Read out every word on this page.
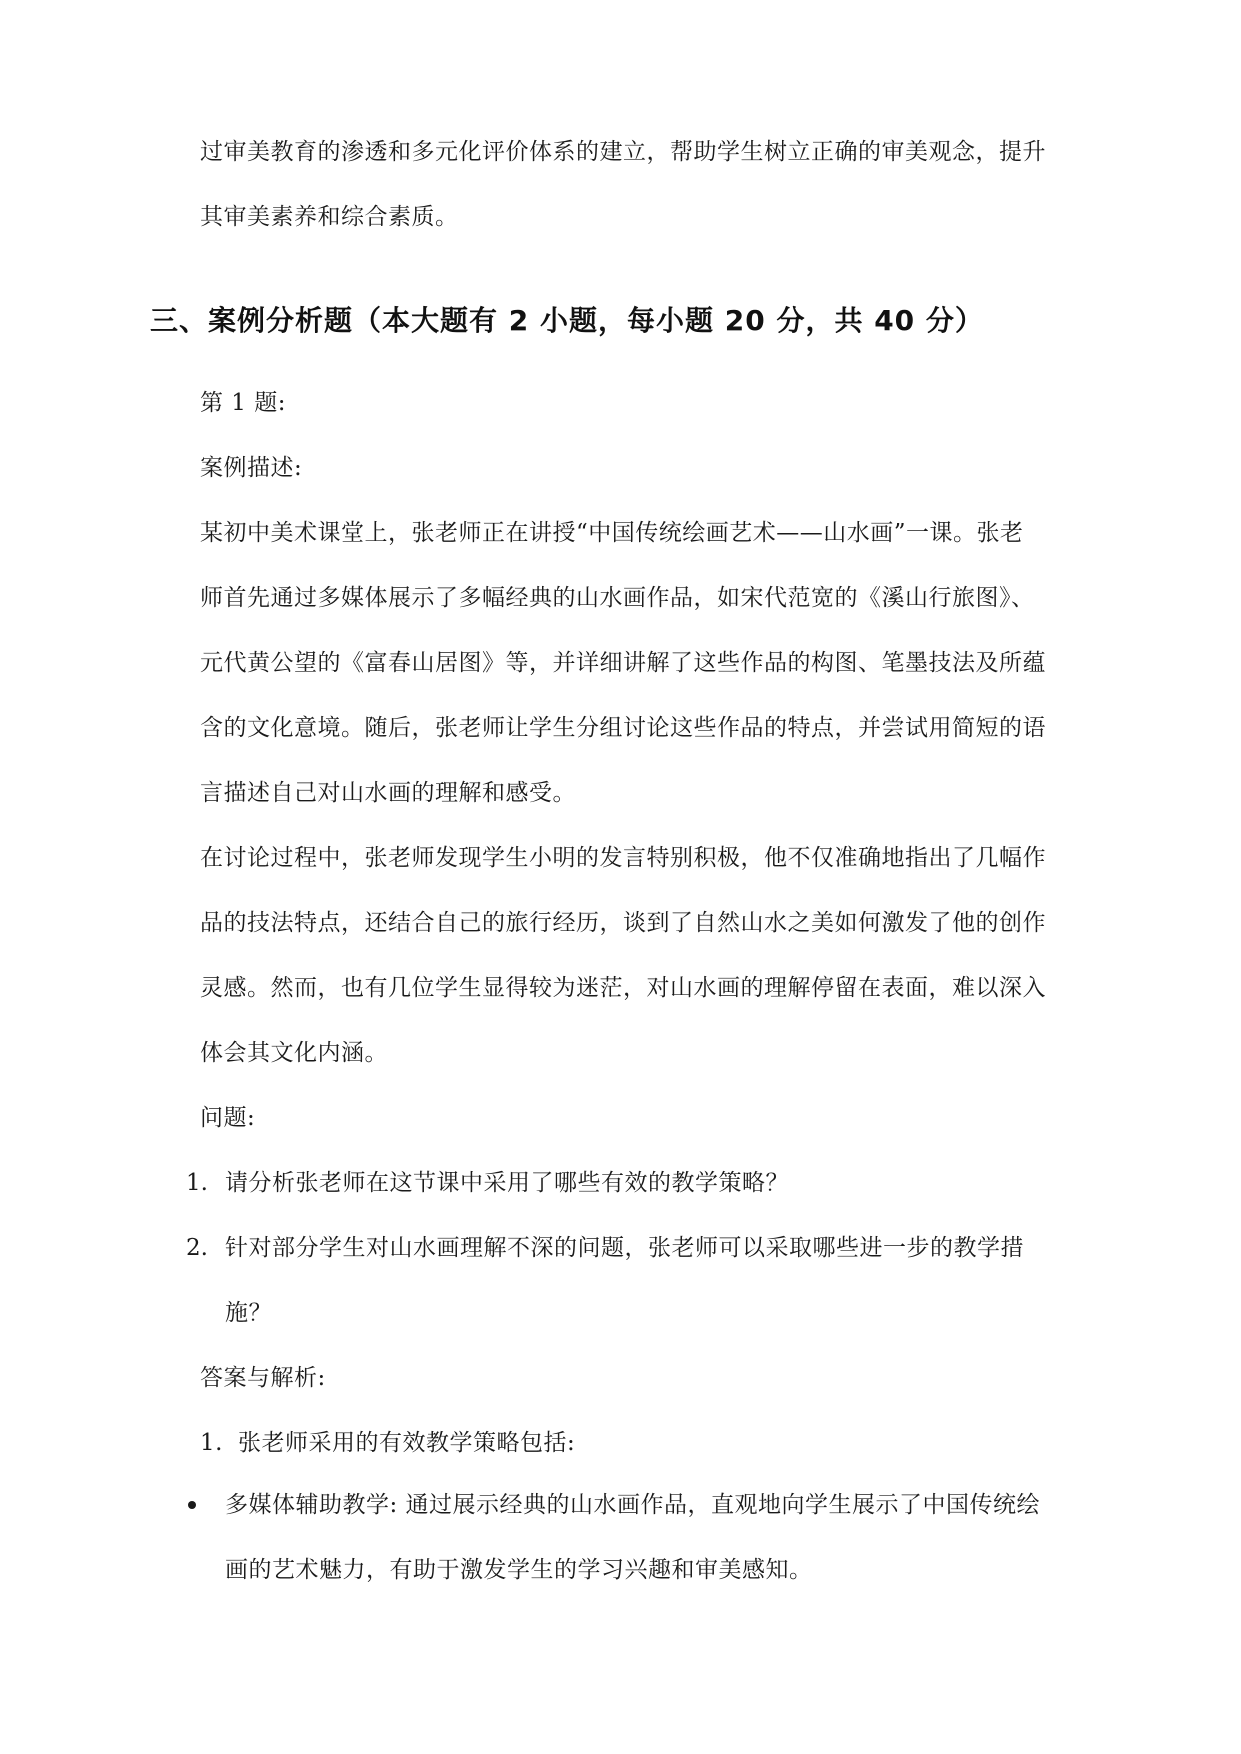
过审美教育的渗透和多元化评价体系的建立，帮助学生树立正确的审美观念，提升
其审美素养和综合素质。
三、案例分析题（本大题有 2 小题，每小题 20 分，共 40 分）
第 1 题:
案例描述:
某初中美术课堂上，张老师正在讲授“中国传统绘画艺术——山水画”一课。张老
师首先通过多媒体展示了多幅经典的山水画作品，如宋代范宽的《溪山行旅图》、
元代黄公望的《富春山居图》等，并详细讲解了这些作品的构图、笔墨技法及所蕴
含的文化意境。随后，张老师让学生分组讨论这些作品的特点，并尝试用简短的语
言描述自己对山水画的理解和感受。
在讨论过程中，张老师发现学生小明的发言特别积极，他不仅准确地指出了几幅作
品的技法特点，还结合自己的旅行经历，谈到了自然山水之美如何激发了他的创作
灵感。然而，也有几位学生显得较为迷茫，对山水画的理解停留在表面，难以深入
体会其文化内涵。
问题:
1. 请分析张老师在这节课中采用了哪些有效的教学策略？
2. 针对部分学生对山水画理解不深的问题，张老师可以采取哪些进一步的教学措
施？
答案与解析:
1. 张老师采用的有效教学策略包括:
多媒体辅助教学: 通过展示经典的山水画作品，直观地向学生展示了中国传统绘
画的艺术魅力，有助于激发学生的学习兴趣和审美感知。
